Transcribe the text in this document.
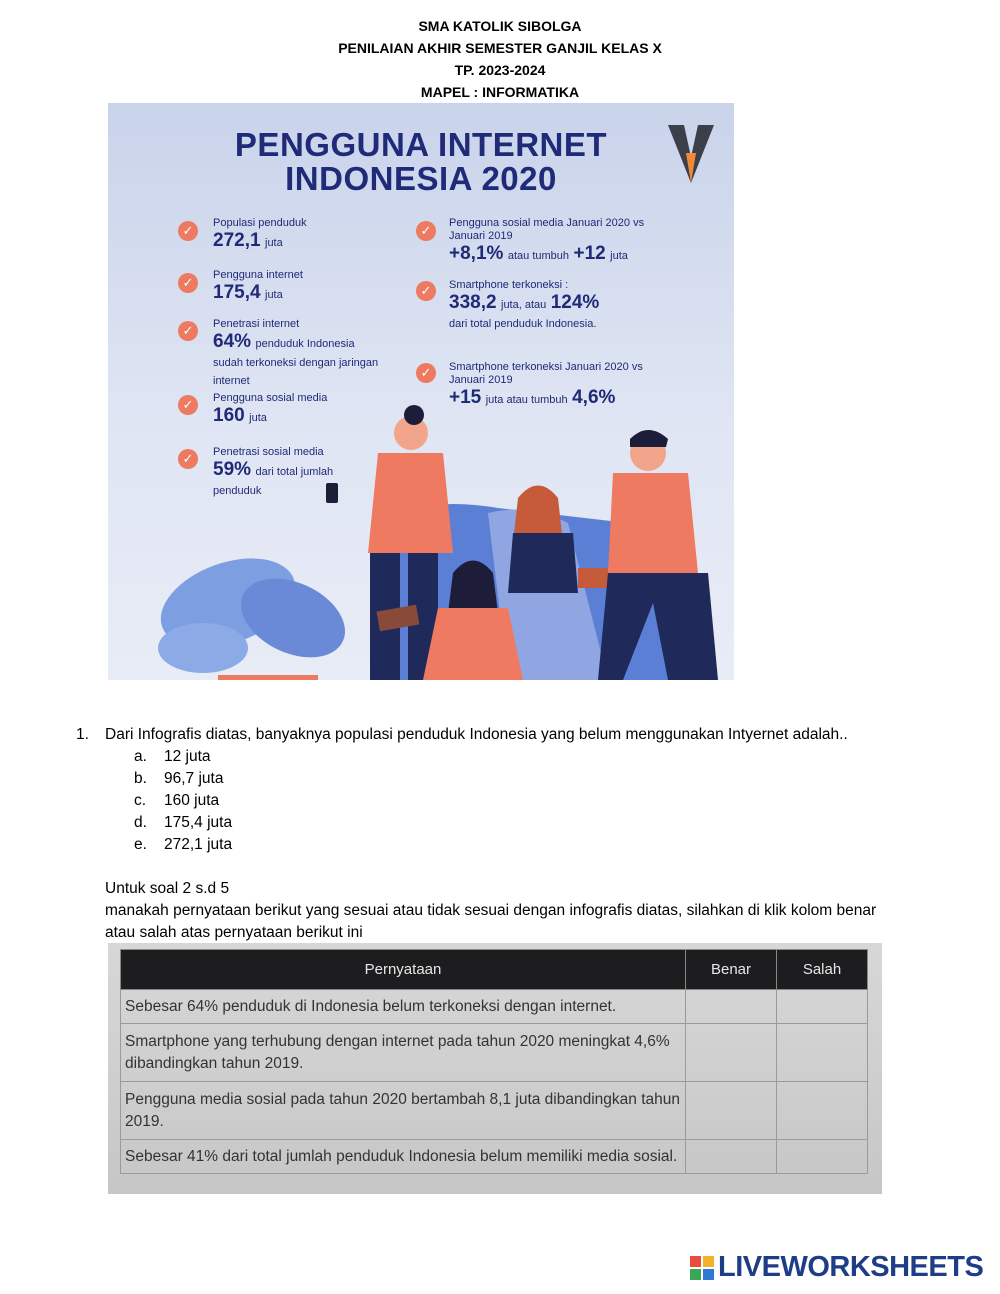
SMA KATOLIK SIBOLGA
PENILAIAN AKHIR SEMESTER GANJIL KELAS X
TP. 2023-2024
MAPEL : INFORMATIKA
PENGGUNA INTERNET
INDONESIA 2020
✓	Populasi penduduk
272,1 juta
✓	Pengguna internet
175,4 juta
✓	Penetrasi internet
64% penduduk Indonesia sudah terkoneksi dengan jaringan internet
✓	Pengguna sosial media
160 juta
✓	Penetrasi sosial media
59% dari total jumlah penduduk
✓	Pengguna sosial media Januari 2020 vs Januari 2019
+8,1% atau tumbuh +12 juta
✓	Smartphone terkoneksi :
338,2 juta, atau 124% dari total penduduk Indonesia.
✓	Smartphone terkoneksi Januari 2020 vs Januari 2019
+15 juta atau tumbuh 4,6%
1. Dari Infografis diatas, banyaknya populasi penduduk Indonesia yang belum menggunakan Intyernet adalah..
a. 12 juta
b. 96,7 juta
c. 160 juta
d. 175,4 juta
e. 272,1 juta
Untuk soal 2 s.d 5
manakah pernyataan berikut yang sesuai atau tidak sesuai dengan infografis diatas, silahkan di klik kolom benar
atau salah atas pernyataan berikut ini
Pernyataan	Benar	Salah
Sebesar 64% penduduk di Indonesia belum terkoneksi dengan internet.		
Smartphone yang terhubung dengan internet pada tahun 2020 meningkat 4,6% dibandingkan tahun 2019.		
Pengguna media sosial pada tahun 2020 bertambah 8,1 juta dibandingkan tahun 2019.		
Sebesar 41% dari total jumlah penduduk Indonesia belum memiliki media sosial.		
LIVEWORKSHEETS
